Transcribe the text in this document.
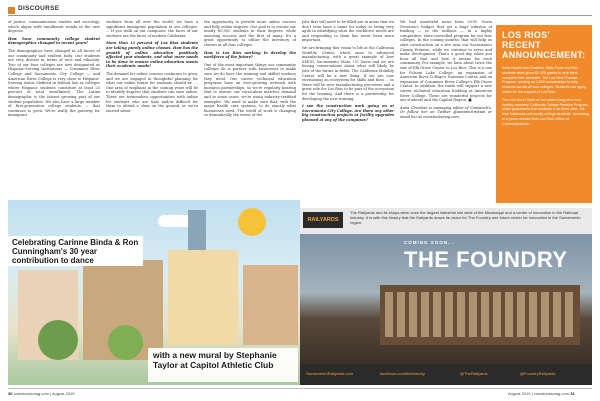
DISCOURSE

of justice, communication studies and sociology, which aligns with enrollment trends in the new degrees.

How have community college student demographics changed in recent years?

The demographics have changed in all facets of our community and student body. Our students are very diverse in terms of race and ethnicity. Two of our four colleges are now designated as Hispanic-Serving Institutions — Cosumnes River College and Sacramento City College — and American River College is very close to Hispanic-Serving status (defined in federal law as colleges where Hispanic students constitute at least 25 percent of total enrollment). The Latinx demographic is the fastest growing part of our student population. We also have a large number of first-generation college students — that continues to grow. We're really the gateway for immigrant

students from all over the world; we have a significant immigrant population at our colleges. ... If you walk on our campuses, the faces of our students are the faces of modern California.

More than 13 percent of Los Rios students are taking purely online classes. How has the growth of online education positively affected your students, and what more needs to be done to ensure online education meets their academic needs?

The demand for online courses continues to grow, and we are engaged in thoughtful planning for what our online future for students should be. ... One area of emphasis in the coming years will be to identify degrees that students can earn online. There are tremendous opportunities with online for students who are time and/or difficult for them to attend a class on the ground, or we're excited about

the opportunity to provide more online courses and fully online degrees. Our goal is to ensure our nearly 80,000 students in their degrees, while ensuring success and the first of many. It's a great opportunity to utilize the inventory of classes at all four colleges.

How is Los Rios working to develop the workforce of the future?

One of the most important things our community colleges do is partner with businesses to make sure we do have the training and skilled workers they need. Our career technical education programs have an ever-growing network with business partnerships, so we're regularly hearing that to ensure our curriculum matches demand and in some cases, we're using industry-certified examples. We need to make sure that, with the major health care systems, to do exactly what businesses need. The world of work is changing so dramatically the terms of the

jobs that will need to be filled are in areas that we don't even have a name for today, so being very agile in identifying what the workforce needs are and responding to them has never been more important.

We are bringing this vision to life at the California Mobility Center, which aims to advanced manufacturing, with a great example of how SMUD, Sacramento State, UC Davis and we are having conversations about what will likely be jobs of the future in fields. The California Mobility Center will be a new thing. If we are now envisioning an ecosystem for skills and then ... so there will be new manufacturing processes and a great role for Los Rios to be part of the ecosystem for the training. And there is a partnership for developing the new training.

I see the construction work going on at Sacramento City College. Are there any other big construction projects or facility upgrades planned at any of the campuses?

We had wonderful news from 2018: Gavin Newsom's budget that set a huge infusion of funding — in the millions — in a highly competitive, state-controlled program for our four colleges. In the coming months, that will help us start construction on a site near our Sacramento County Promise, while we continue to serve and make development. That's a good day when you hear all that and how it means for each community. For example, we have about twice the size of Elk Grove Center to Los Rios. This is a one for Folsom Lake College, an expansion of American River College's Natomas Center, and an expansion of Cosumnes River College's Elk Grove Center. In addition, the funds will support a new career technical education building at American River College. These are wonderful projects for our students and the Capital Region. ■

Anna Christian is managing editor of Comstock's. Or follow her on Twitter @annamchristian or email her at comstocksmag.com.

LOS RIOS' RECENT ANNOUNCEMENT:

Solar Health and Coalition, Walk-Tours and 500 students were given $1,000 grants to help them complete their semester. The Los Rios Promise Program, working on 2,500 scholarships to help students across all four colleges. Students can apply online for the support of Los Rios.

The new North 'Build on the state's long-term and healthy-recovery' California College Promise Program, which guarantees that students in all three sites, full-time California community college students,' according to a press release from Los Rios' Office of Communications.

Celebrating Carinne Binda & Ron Cunningham's 30 year contribution to dance
with a new mural by Stephanie Taylor at Capitol Athletic Club
RAILYARDS
The Railyards and its shops were once the largest industrial site west of the Mississippi and a center of innovation in the Railroad industry. It is with this history that the Railyards draws its vision for The Foundry and future center for innovation in the Sacramento region.
COMING SOON...
THE FOUNDRY
SacramentoRailyards.com	facebook.com/thefoundry	@TheRailyards	@FoundryRailyards
30 comstocksmag.com | August 2019	August 2019 | comstocksmag.com 31
